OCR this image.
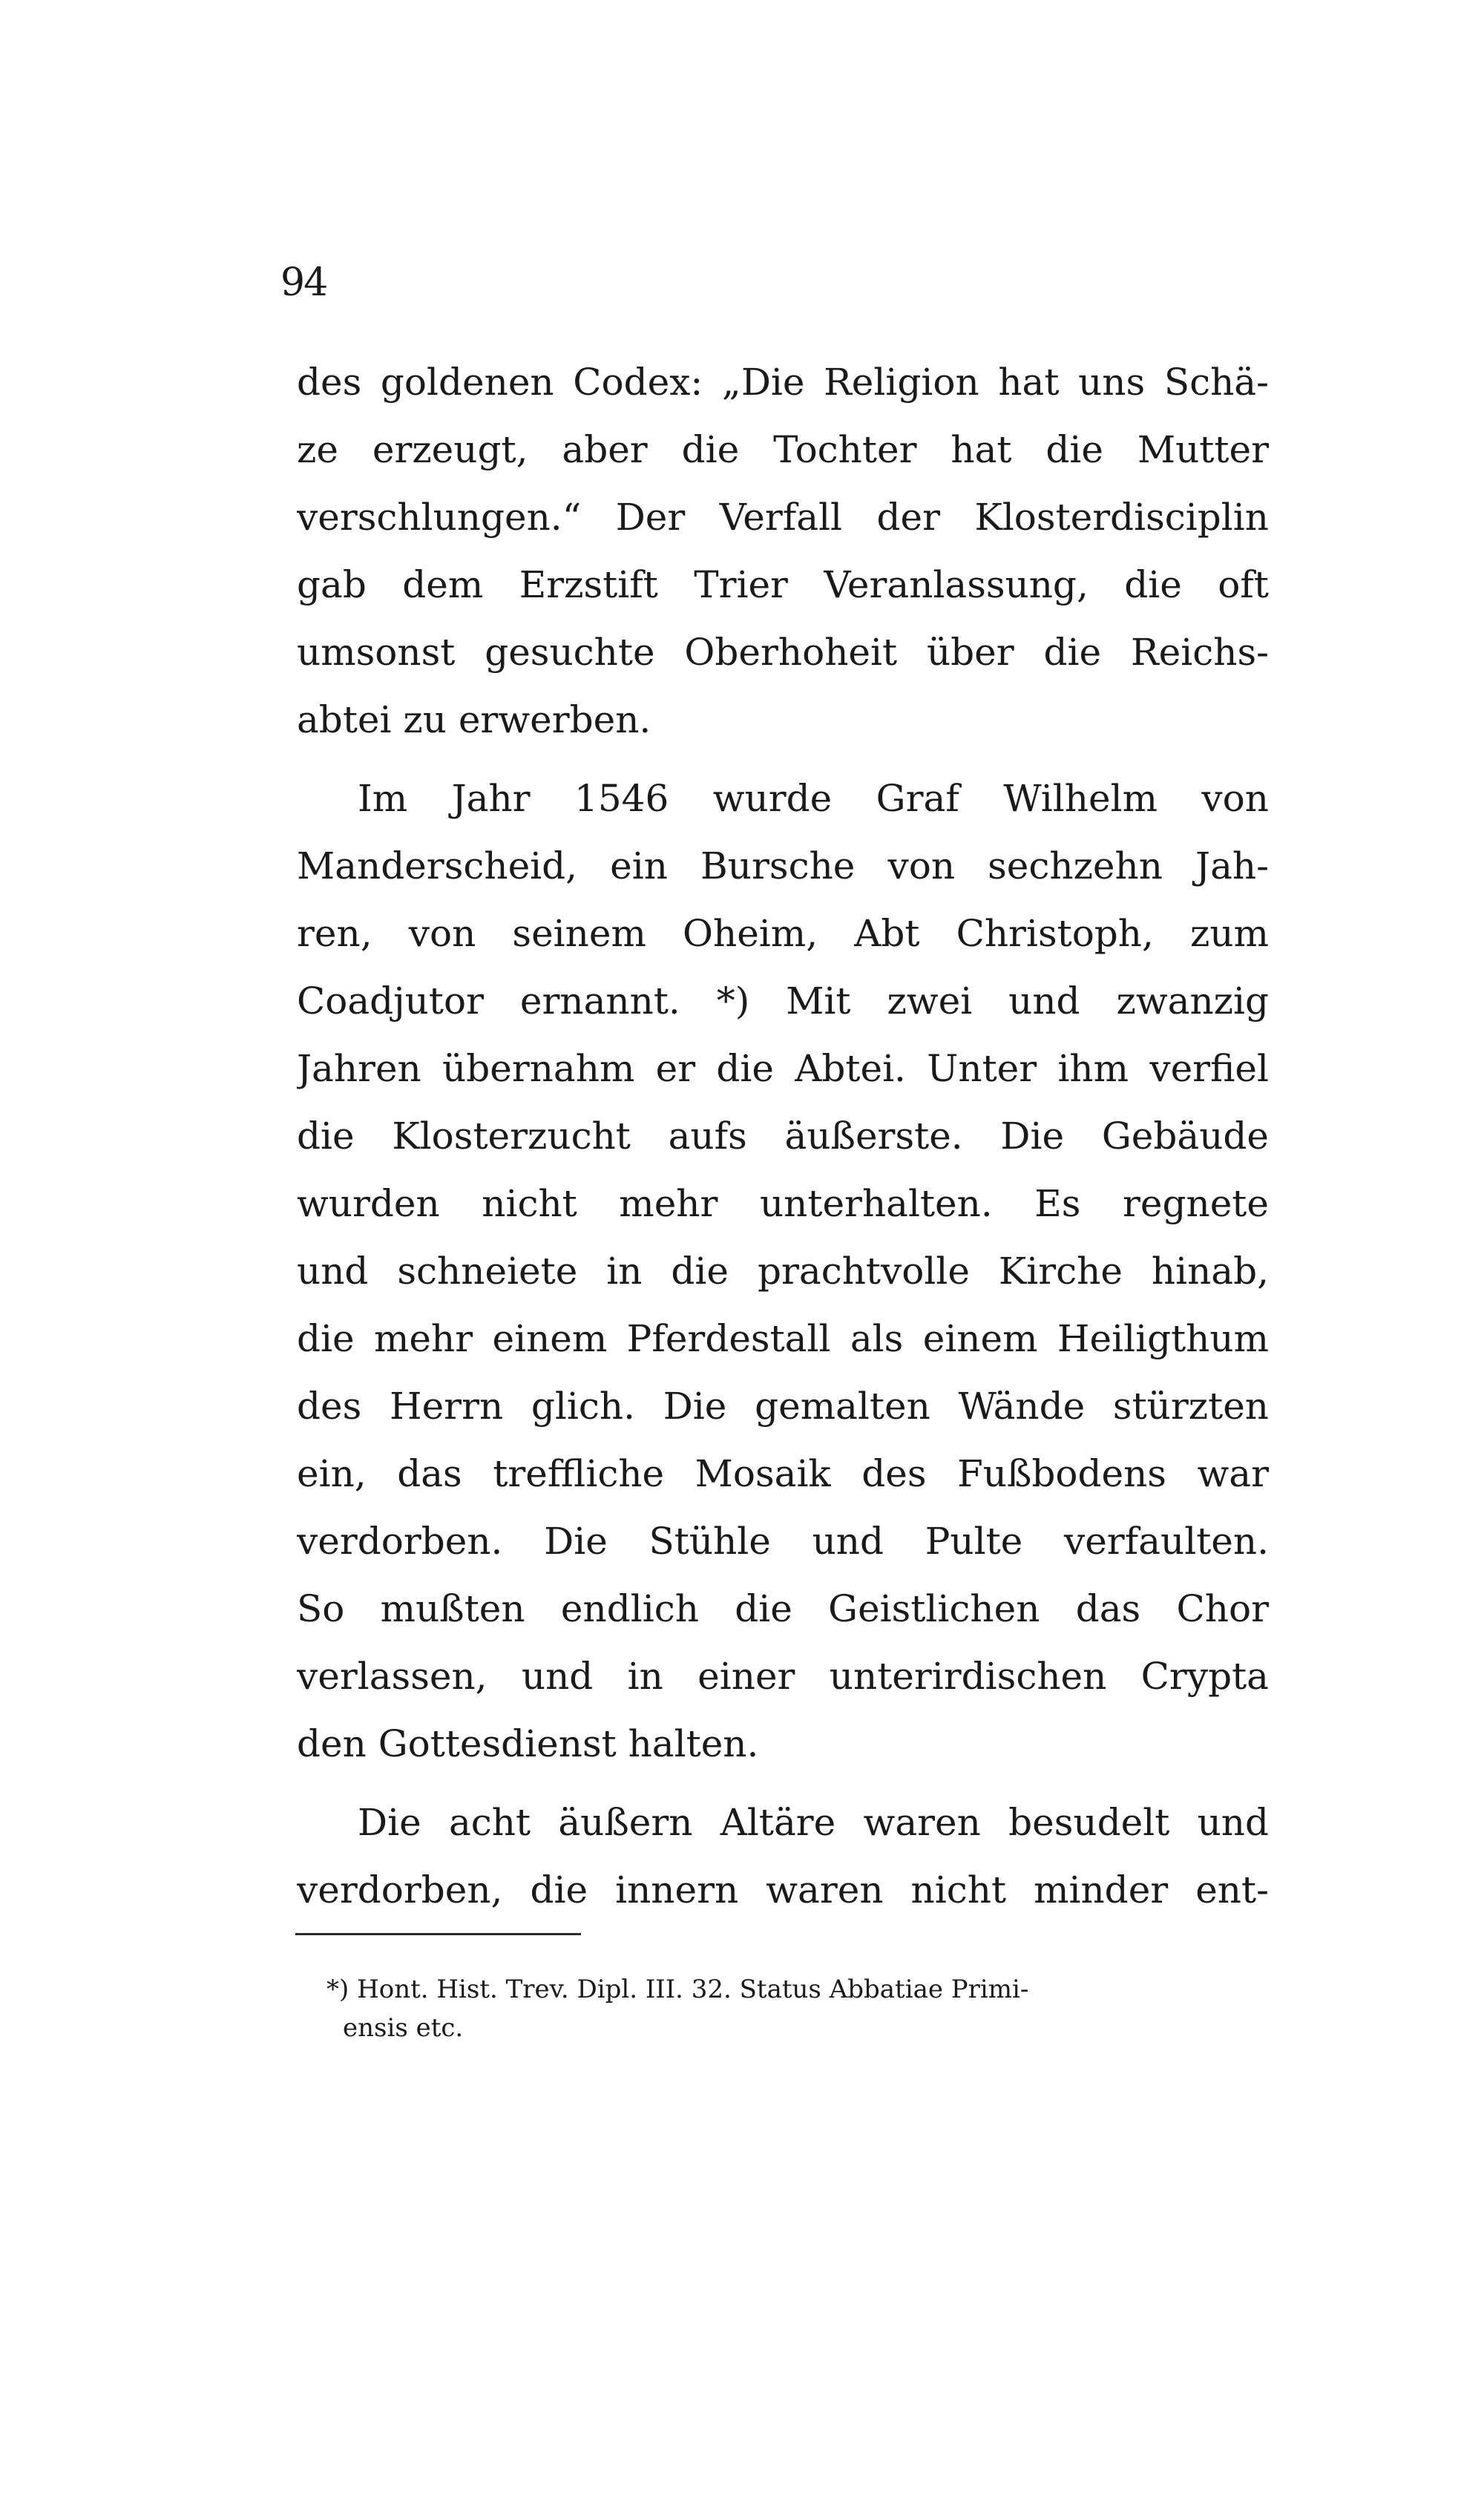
94
des goldenen Codex: „Die Religion hat uns Schä-
ze erzeugt, aber die Tochter hat die Mutter
verschlungen.“ Der Verfall der Klosterdisciplin
gab dem Erzstift Trier Veranlassung, die oft
umsonst gesuchte Oberhoheit über die Reichs-
abtei zu erwerben.
Im Jahr 1546 wurde Graf Wilhelm von
Manderscheid, ein Bursche von sechzehn Jah-
ren, von seinem Oheim, Abt Christoph, zum
Coadjutor ernannt. *) Mit zwei und zwanzig
Jahren übernahm er die Abtei. Unter ihm verfiel
die Klosterzucht aufs äußerste. Die Gebäude
wurden nicht mehr unterhalten. Es regnete
und schneiete in die prachtvolle Kirche hinab,
die mehr einem Pferdestall als einem Heiligthum
des Herrn glich. Die gemalten Wände stürzten
ein, das treffliche Mosaik des Fußbodens war
verdorben. Die Stühle und Pulte verfaulten.
So mußten endlich die Geistlichen das Chor
verlassen, und in einer unterirdischen Crypta
den Gottesdienst halten.
Die acht äußern Altäre waren besudelt und
verdorben, die innern waren nicht minder ent-
*) Hont. Hist. Trev. Dipl. III. 32. Status Abbatiae Primi-
ensis etc.
